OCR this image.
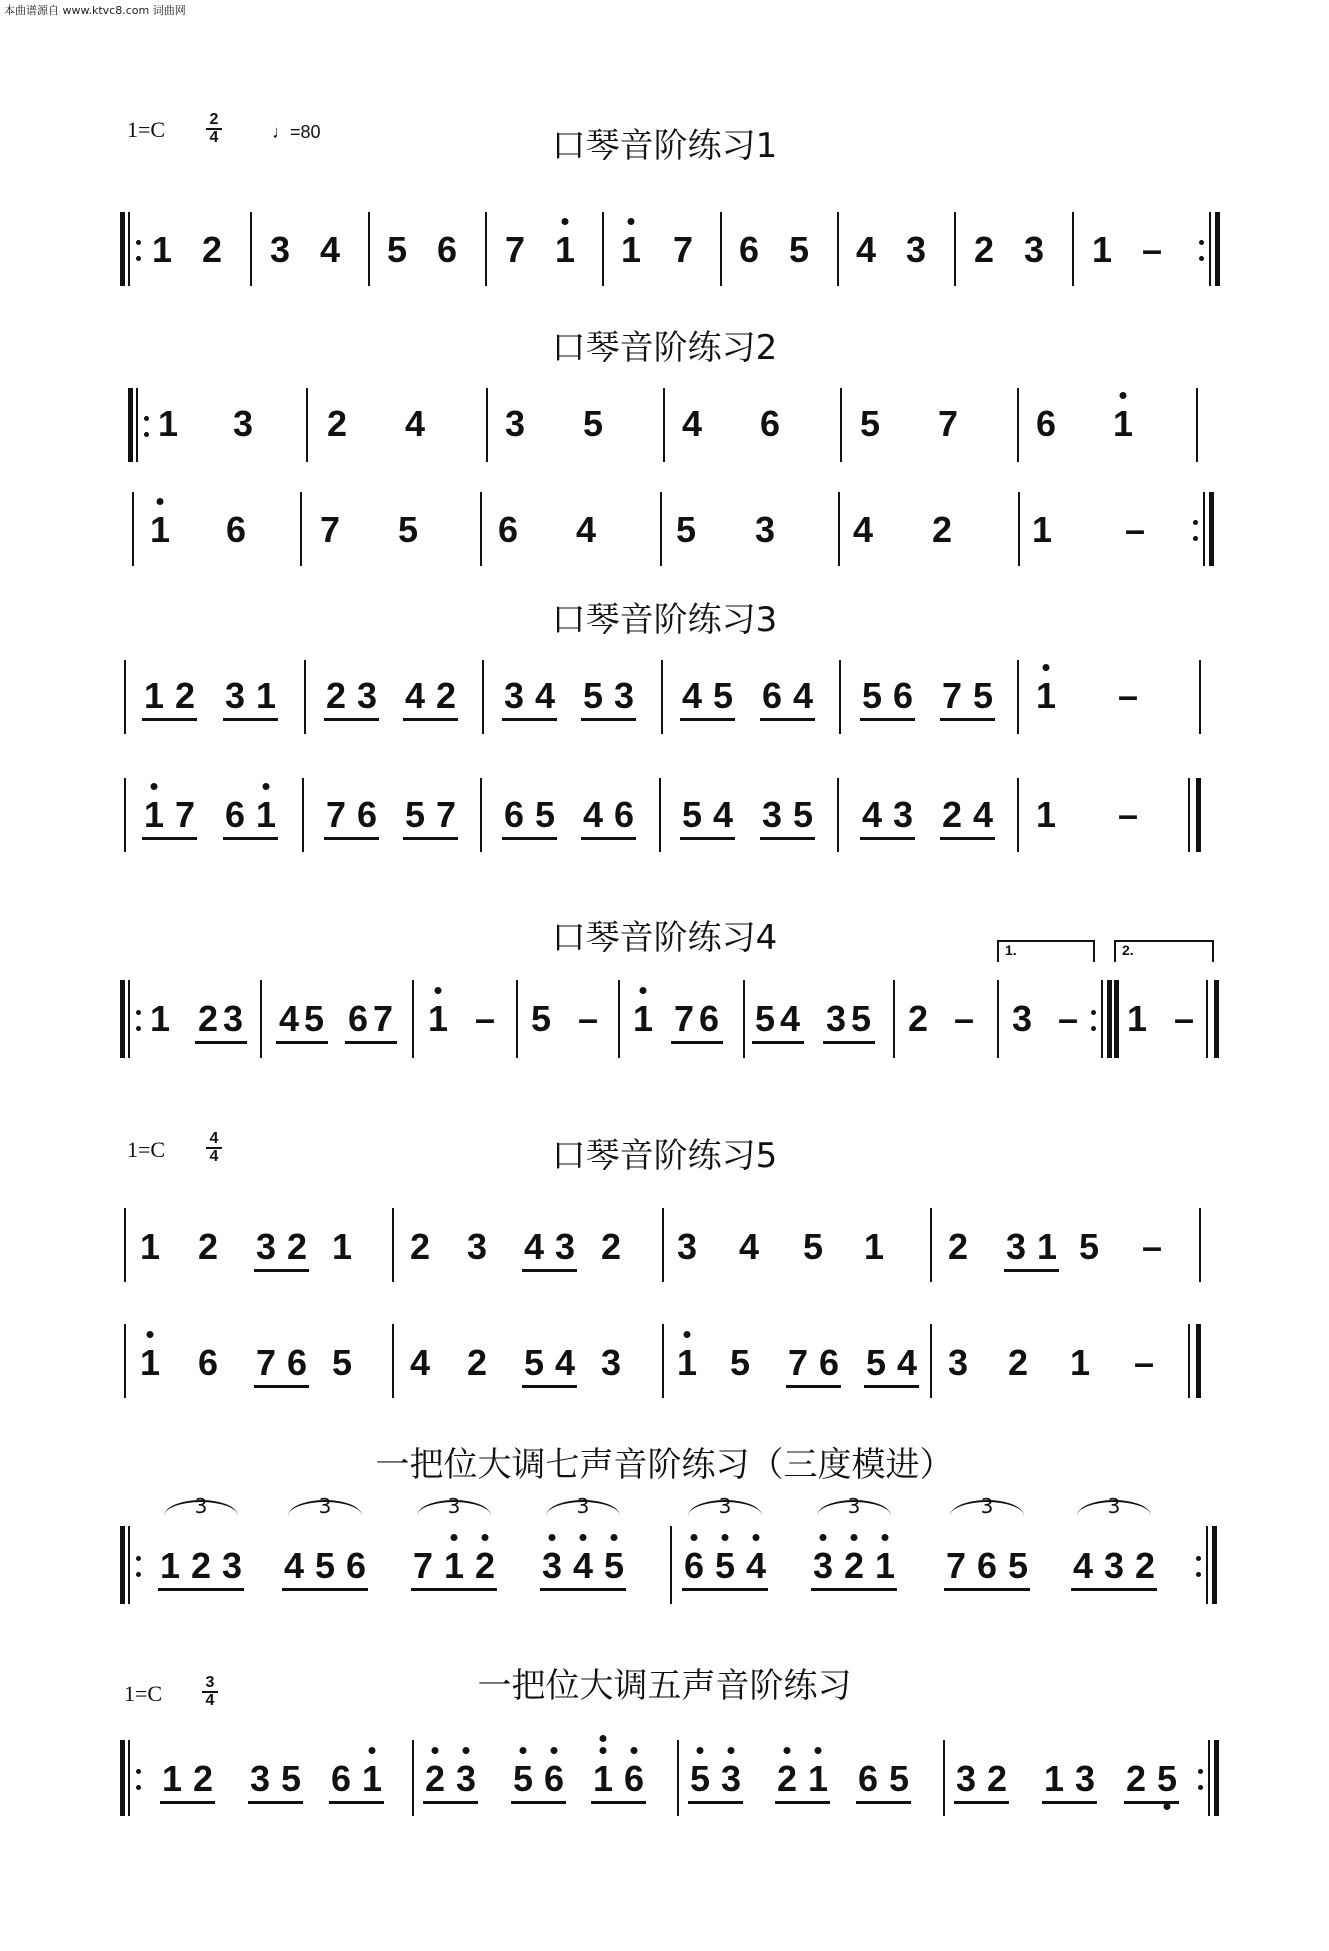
本曲谱源自 www.ktvc8.com 词曲网
1=C	2
4	♩=80	口琴音阶练习1
口琴音阶练习2
口琴音阶练习3
口琴音阶练习4
1=C	4
4	口琴音阶练习5
一把位大调七声音阶练习（三度模进）
1=C	3
4	一把位大调五声音阶练习
1 2 3 4 5 6 7 1 1 7 6 5 4 3 2 3 1 –
1 3 2 4 3 5 4 6 5 7 6 1
1 6 7 5 6 4 5 3 4 2 1 –
1 2 3 1 2 3 4 2 3 4 5 3 4 5 6 4 5 6 7 5 1 –
1 7 6 1 7 6 5 7 6 5 4 6 5 4 3 5 4 3 2 4 1 –
1 2 3 4 5 6 7 1 – 5 – 1 7 6 5 4 3 5 2 – 3 – 1 –
1.	2.
1 2	1 2 3	2 3 4 5 1 2	5
3 2	4 3	3 1 –
1 6 7 6 5 4 2 5 4 3 1 5 7 6 5 4 3 2 1 –
1 2 3
3
4 5 6
3
7 1 2
3
3 4 5
3
6 5 4
3
3 2 1
3
7 6 5
3
4 3 2
3
1 2 3 5 6 1 2 3 5 6 1 6 5 3 2 1 6 5 3 2 1 3 2 5
